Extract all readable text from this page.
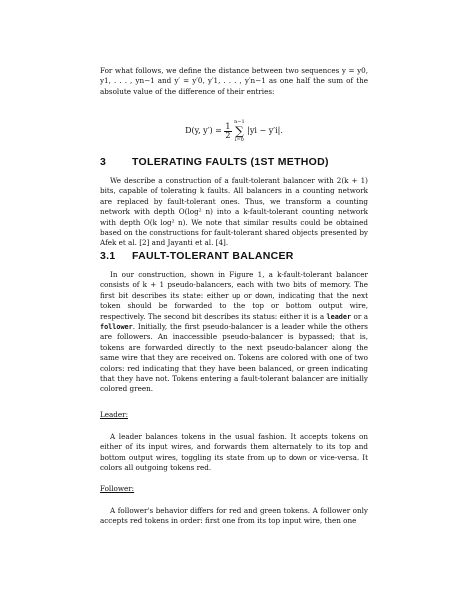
For what follows, we define the distance between two sequences y = y0, y1, . . . , yn−1 and y′ = y′0, y′1, . . . , y′n−1 as one half the sum of the absolute value of the difference of their entries:

D(y, $y') = \frac{1}{2}$
n−1
∑
i=0
|yi − y′i|.
3 TOLERATING FAULTS (1ST METHOD)

We describe a construction of a fault-tolerant balancer with 2(k + 1) bits, capable of tolerating k faults. All balancers in a counting network are replaced by fault-tolerant ones. Thus, we transform a counting network with depth O(log² n) into a k-fault-tolerant counting network with depth O(k log² n). We note that similar results could be obtained based on the constructions for fault-tolerant shared objects presented by Afek et al. [2] and Jayanti et al. [4].

3.1 FAULT-TOLERANT BALANCER

In our construction, shown in Figure 1, a k-fault-tolerant balancer consists of k + 1 pseudo-balancers, each with two bits of memory. The first bit describes its state: either up or down, indicating that the next token should be forwarded to the top or bottom output wire, respectively. The second bit describes its status: either it is a leader or a follower. Initially, the first pseudo-balancer is a leader while the others are followers. An inaccessible pseudo-balancer is bypassed; that is, tokens are forwarded directly to the next pseudo-balancer along the same wire that they are received on. Tokens are colored with one of two colors: red indicating that they have been balanced, or green indicating that they have not. Tokens entering a fault-tolerant balancer are initially colored green.

Leader:

A leader balances tokens in the usual fashion. It accepts tokens on either of its input wires, and forwards them alternately to its top and bottom output wires, toggling its state from up to down or vice-versa. It colors all outgoing tokens red.

Follower:

A follower's behavior differs for red and green tokens. A follower only accepts red tokens in order: first one from its top input wire, then one
